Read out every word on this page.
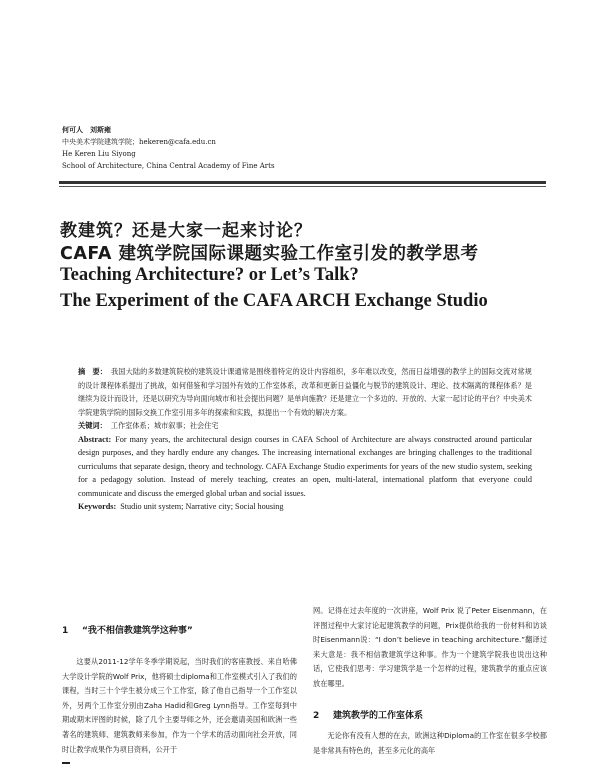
何可人　刘斯雍
中央美术学院建筑学院；hekeren@cafa.edu.cn
He Keren Liu Siyong
School of Architecture, China Central Academy of Fine Arts
教建筑？还是大家一起来讨论？
CAFA 建筑学院国际课题实验工作室引发的教学思考
Teaching Architecture? or Let’s Talk?
The Experiment of the CAFA ARCH Exchange Studio

摘　要： 我国大陆的多数建筑院校的建筑设计课通常是围绕着特定的设计内容组织，多年难以改变，然而日益增强的教学上的国际交流对常规的设计课程体系提出了挑战，如何借鉴和学习国外有效的工作室体系，改革和更新日益僵化与脱节的建筑设计、理论、技术隔离的课程体系？是继续为设计而设计，还是以研究为导向面向城市和社会提出问题？是单向施教？还是建立一个多边的、开放的、大家一起讨论的平台？中央美术学院建筑学院的国际交换工作室引用多年的探索和实践，拟提出一个有效的解决方案。

关键词： 工作室体系；城市叙事；社会住宅

Abstract: For many years, the architectural design courses in CAFA School of Architecture are always constructed around particular design purposes, and they hardly endure any changes. The increasing international exchanges are bringing challenges to the traditional curriculums that separate design, theory and technology. CAFA Exchange Studio experiments for years of the new studio system, seeking for a pedagogy solution. Instead of merely teaching, creates an open, multi-lateral, international platform that everyone could communicate and discuss the emerged global urban and social issues.

Keywords: Studio unit system; Narrative city; Social housing

1 “我不相信教建筑学这种事”

这要从2011-12学年冬季学期说起，当时我们的客座教授、来自哈佛大学设计学院的Wolf Prix，他将硕士diploma和工作室模式引入了我们的课程，当时三十个学生被分成三个工作室，除了他自己指导一个工作室以外，另两个工作室分别由Zaha Hadid和Greg Lynn指导。工作室每到中期或期末评图的时候，除了几个主要导师之外，还会邀请美国和欧洲一些著名的建筑师、建筑教师来参加，作为一个学术的活动面向社会开放，同时让教学成果作为项目资料，公开于

网。记得在过去年度的一次讲座，Wolf Prix 说了Peter Eisenmann，在评图过程中大家讨论起建筑教学的问题，Prix提供给我的一份材料和访谈时Eisenmann说：“I don’t believe in teaching architecture.”翻译过来大意是：我不相信教建筑学这种事。作为一个建筑学院我也说出这种话，它使我们思考：学习建筑学是一个怎样的过程，建筑教学的重点应该放在哪里。

2 建筑教学的工作室体系

无论你有没有人想的在去，欧洲这种Diploma的工作室在很多学校都是非常具有特色的，甚至多元化的高年
